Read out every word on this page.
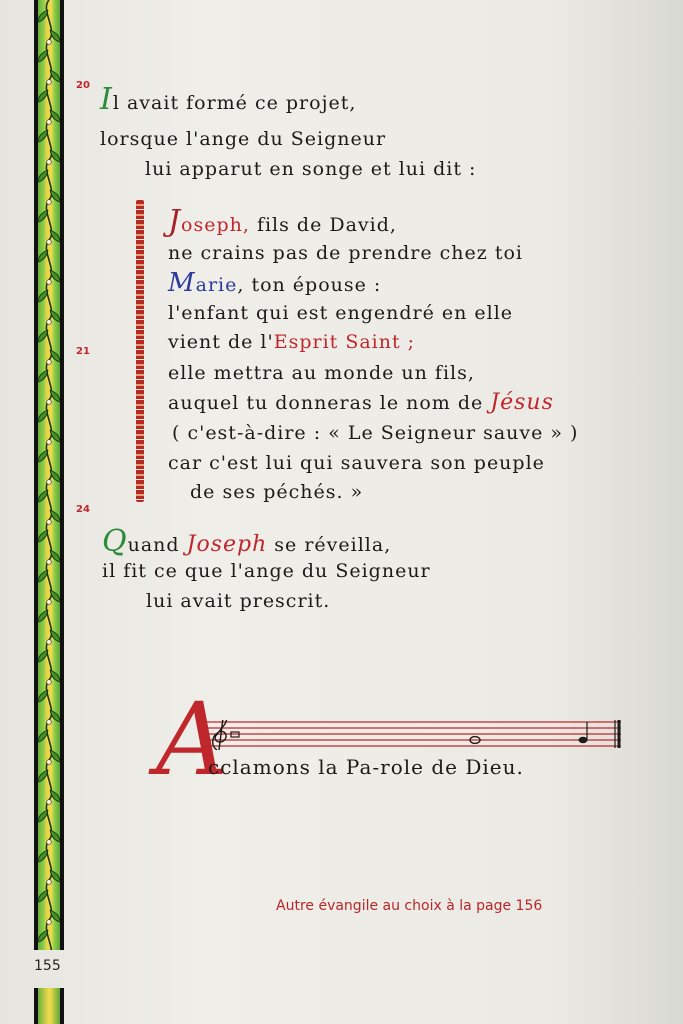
20
21
24
Il avait formé ce projet,
lorsque l'ange du Seigneur
lui apparut en songe et lui dit :
Joseph, fils de David,
ne crains pas de prendre chez toi
Marie, ton épouse :
l'enfant qui est engendré en elle
vient de l'Esprit Saint ;
elle mettra au monde un fils,
auquel tu donneras le nom de Jésus
( c'est-à-dire : « Le Seigneur sauve » )
car c'est lui qui sauvera son peuple
de ses péchés. »
Quand Joseph se réveilla,
il fit ce que l'ange du Seigneur
lui avait prescrit.
A
cclamons la Pa-role de Dieu.
Autre évangile au choix à la page 156
155
